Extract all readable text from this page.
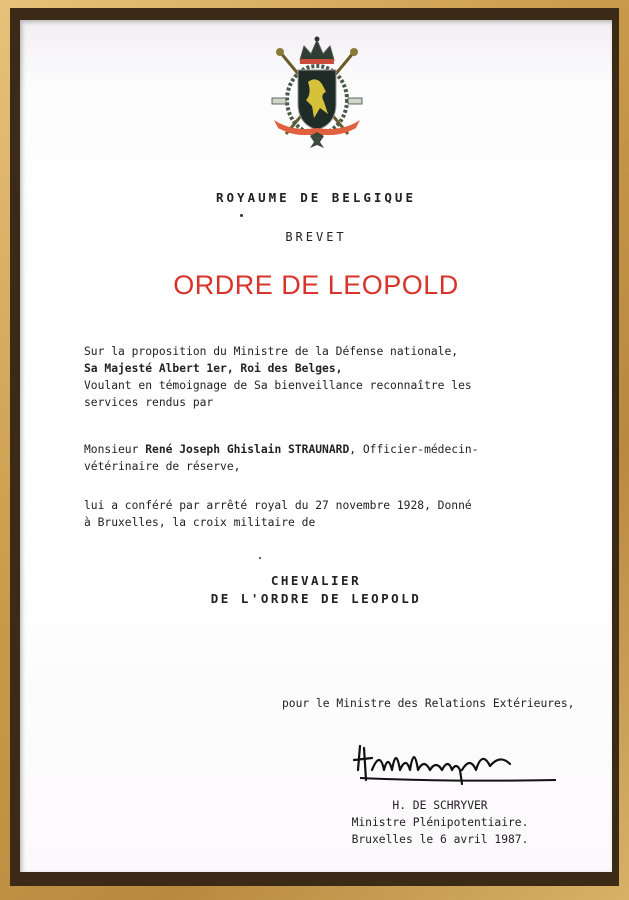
ROYAUME DE BELGIQUE
BREVET
ORDRE DE LEOPOLD
Sur la proposition du Ministre de la Défense nationale,
Sa Majesté Albert 1er, Roi des Belges,
Voulant en témoignage de Sa bienveillance reconnaître les
services rendus par
Monsieur René Joseph Ghislain STRAUNARD, Officier-médecin-
vétérinaire de réserve,
lui a conféré par arrêté royal du 27 novembre 1928, Donné
à Bruxelles, la croix militaire de
CHEVALIER
DE L'ORDRE DE LEOPOLD
pour le Ministre des Relations Extérieures,
H. DE SCHRYVER
Ministre Plénipotentiaire.
Bruxelles le 6 avril 1987.
